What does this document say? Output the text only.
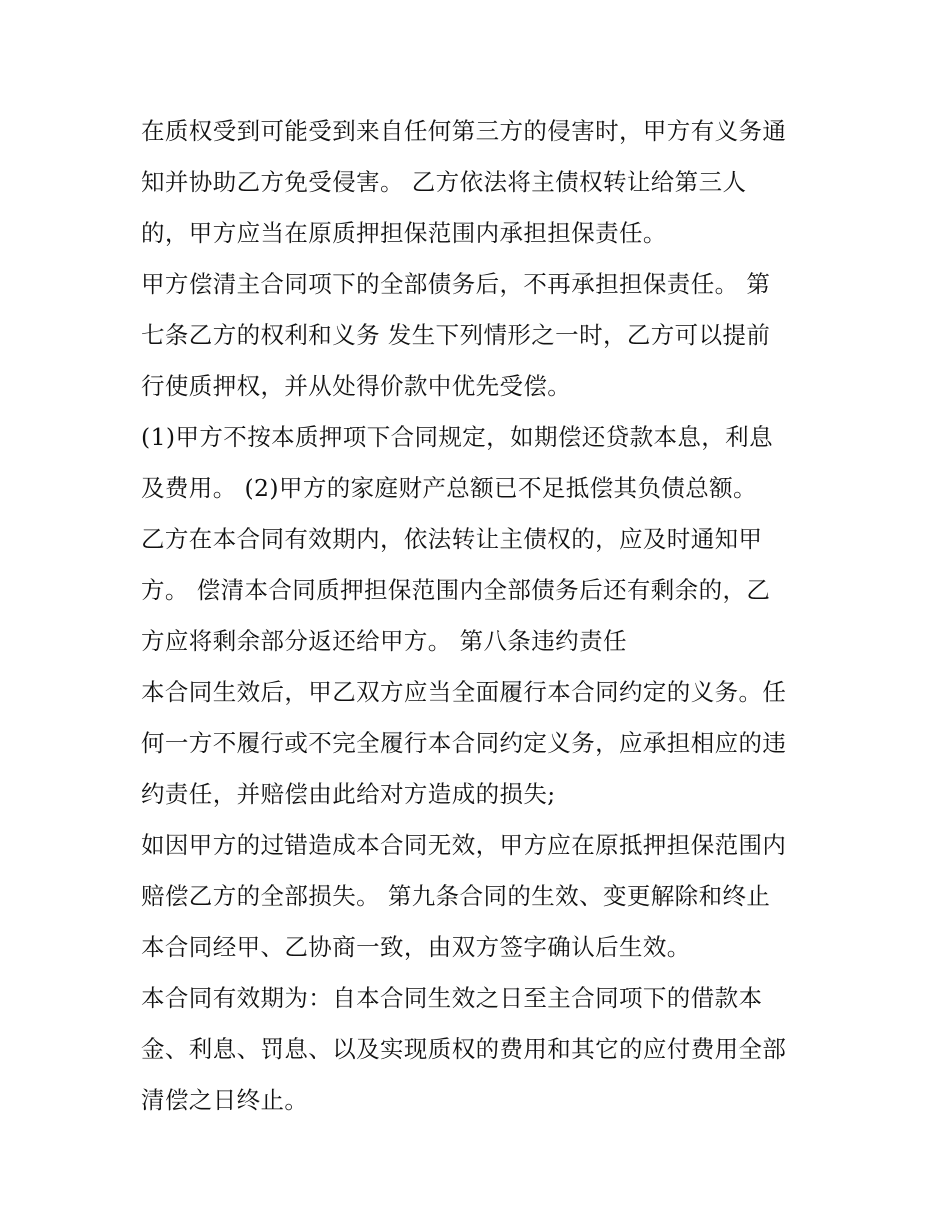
在质权受到可能受到来自任何第三方的侵害时，甲方有义务通
知并协助乙方免受侵害。 乙方依法将主债权转让给第三人
的，甲方应当在原质押担保范围内承担担保责任。
甲方偿清主合同项下的全部债务后，不再承担担保责任。 第
七条乙方的权利和义务 发生下列情形之一时，乙方可以提前
行使质押权，并从处得价款中优先受偿。
(1)甲方不按本质押项下合同规定，如期偿还贷款本息，利息
及费用。 (2)甲方的家庭财产总额已不足抵偿其负债总额。
乙方在本合同有效期内，依法转让主债权的，应及时通知甲
方。 偿清本合同质押担保范围内全部债务后还有剩余的，乙
方应将剩余部分返还给甲方。 第八条违约责任
本合同生效后，甲乙双方应当全面履行本合同约定的义务。任
何一方不履行或不完全履行本合同约定义务，应承担相应的违
约责任，并赔偿由此给对方造成的损失;
如因甲方的过错造成本合同无效，甲方应在原抵押担保范围内
赔偿乙方的全部损失。 第九条合同的生效、变更解除和终止
本合同经甲、乙协商一致，由双方签字确认后生效。
本合同有效期为：自本合同生效之日至主合同项下的借款本
金、利息、罚息、以及实现质权的费用和其它的应付费用全部
清偿之日终止。
